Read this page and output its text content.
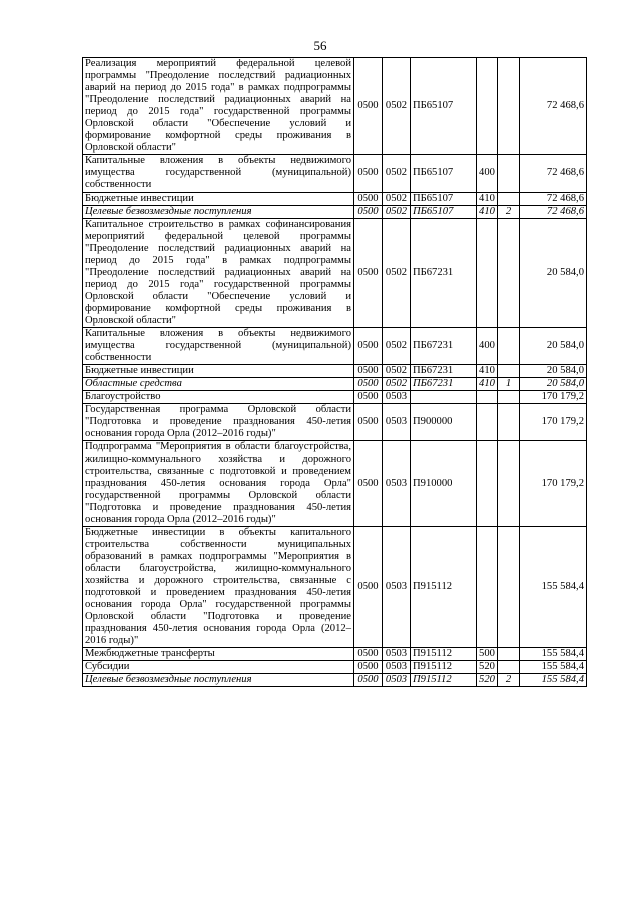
56
Реализация мероприятий федеральной целевой программы "Преодоление последствий радиационных аварий на период до 2015 года" в рамках подпрограммы "Преодоление последствий радиационных аварий на период до 2015 года" государственной программы Орловской области "Обеспечение условий и формирование комфортной среды проживания в Орловской области"	0500	0502	ПБ65107			72 468,6
Капитальные вложения в объекты недвижимого имущества государственной (муниципальной) собственности	0500	0502	ПБ65107	400		72 468,6
Бюджетные инвестиции	0500	0502	ПБ65107	410		72 468,6
Целевые безвозмездные поступления	0500	0502	ПБ65107	410	2	72 468,6
Капитальное строительство в рамках софинансирования мероприятий федеральной целевой программы "Преодоление последствий радиационных аварий на период до 2015 года" в рамках подпрограммы "Преодоление последствий радиационных аварий на период до 2015 года" государственной программы Орловской области "Обеспечение условий и формирование комфортной среды проживания в Орловской области"	0500	0502	ПБ67231			20 584,0
Капитальные вложения в объекты недвижимого имущества государственной (муниципальной) собственности	0500	0502	ПБ67231	400		20 584,0
Бюджетные инвестиции	0500	0502	ПБ67231	410		20 584,0
Областные средства	0500	0502	ПБ67231	410	1	20 584,0
Благоустройство	0500	0503				170 179,2
Государственная программа Орловской области "Подготовка и проведение празднования 450-летия основания города Орла (2012–2016 годы)"	0500	0503	П900000			170 179,2
Подпрограмма "Мероприятия в области благоустройства, жилищно-коммунального хозяйства и дорожного строительства, связанные с подготовкой и проведением празднования 450-летия основания города Орла" государственной программы Орловской области "Подготовка и проведение празднования 450-летия основания города Орла (2012–2016 годы)"	0500	0503	П910000			170 179,2
Бюджетные инвестиции в объекты капитального строительства собственности муниципальных образований в рамках подпрограммы "Мероприятия в области благоустройства, жилищно-коммунального хозяйства и дорожного строительства, связанные с подготовкой и проведением празднования 450-летия основания города Орла" государственной программы Орловской области "Подготовка и проведение празднования 450-летия основания города Орла (2012–2016 годы)"	0500	0503	П915112			155 584,4
Межбюджетные трансферты	0500	0503	П915112	500		155 584,4
Субсидии	0500	0503	П915112	520		155 584,4
Целевые безвозмездные поступления	0500	0503	П915112	520	2	155 584,4
